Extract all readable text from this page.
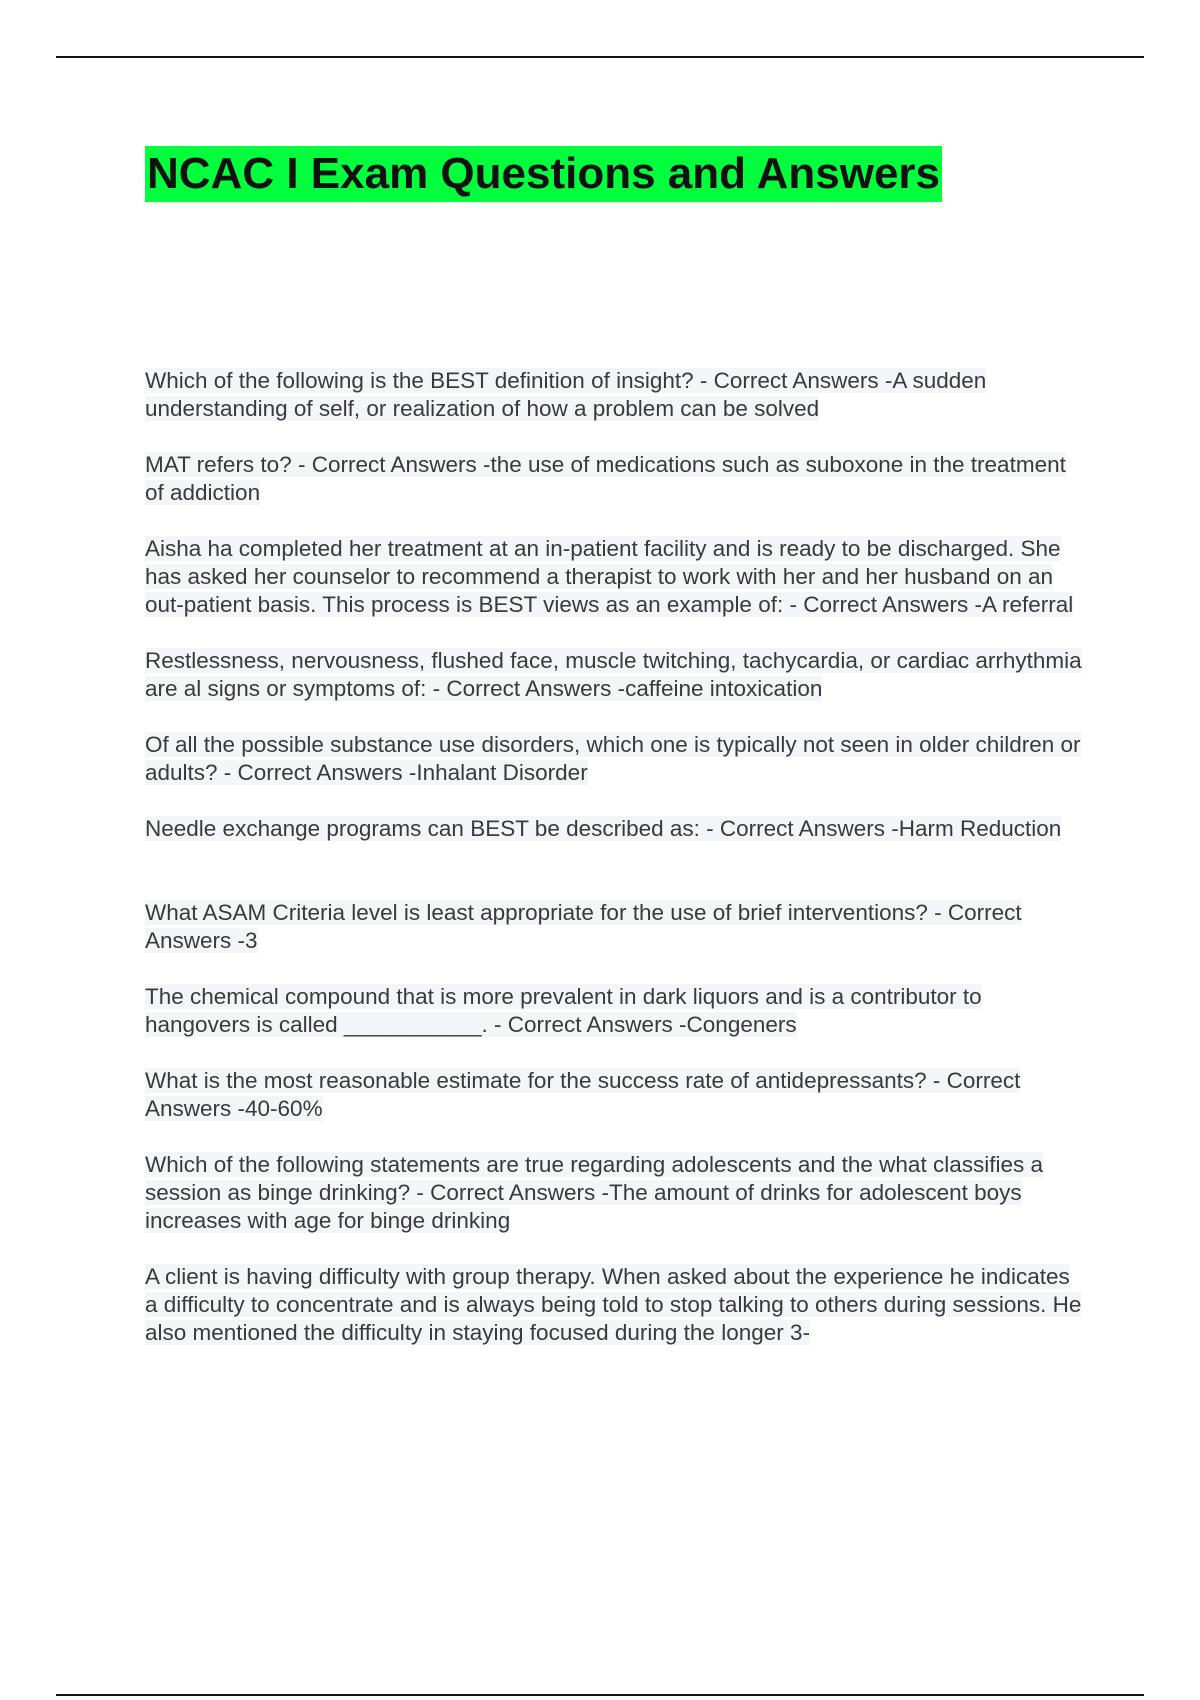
NCAC I Exam Questions and Answers

Which of the following is the BEST definition of insight? - Correct Answers -A sudden understanding of self, or realization of how a problem can be solved

MAT refers to? - Correct Answers -the use of medications such as suboxone in the treatment of addiction

Aisha ha completed her treatment at an in-patient facility and is ready to be discharged. She has asked her counselor to recommend a therapist to work with her and her husband on an out-patient basis. This process is BEST views as an example of: - Correct Answers -A referral

Restlessness, nervousness, flushed face, muscle twitching, tachycardia, or cardiac arrhythmia are al signs or symptoms of: - Correct Answers -caffeine intoxication

Of all the possible substance use disorders, which one is typically not seen in older children or adults? - Correct Answers -Inhalant Disorder

Needle exchange programs can BEST be described as: - Correct Answers -Harm Reduction

What ASAM Criteria level is least appropriate for the use of brief interventions? - Correct Answers -3

The chemical compound that is more prevalent in dark liquors and is a contributor to hangovers is called ___________. - Correct Answers -Congeners

What is the most reasonable estimate for the success rate of antidepressants? - Correct Answers -40-60%

Which of the following statements are true regarding adolescents and the what classifies a session as binge drinking? - Correct Answers -The amount of drinks for adolescent boys increases with age for binge drinking

A client is having difficulty with group therapy. When asked about the experience he indicates a difficulty to concentrate and is always being told to stop talking to others during sessions. He also mentioned the difficulty in staying focused during the longer 3-
